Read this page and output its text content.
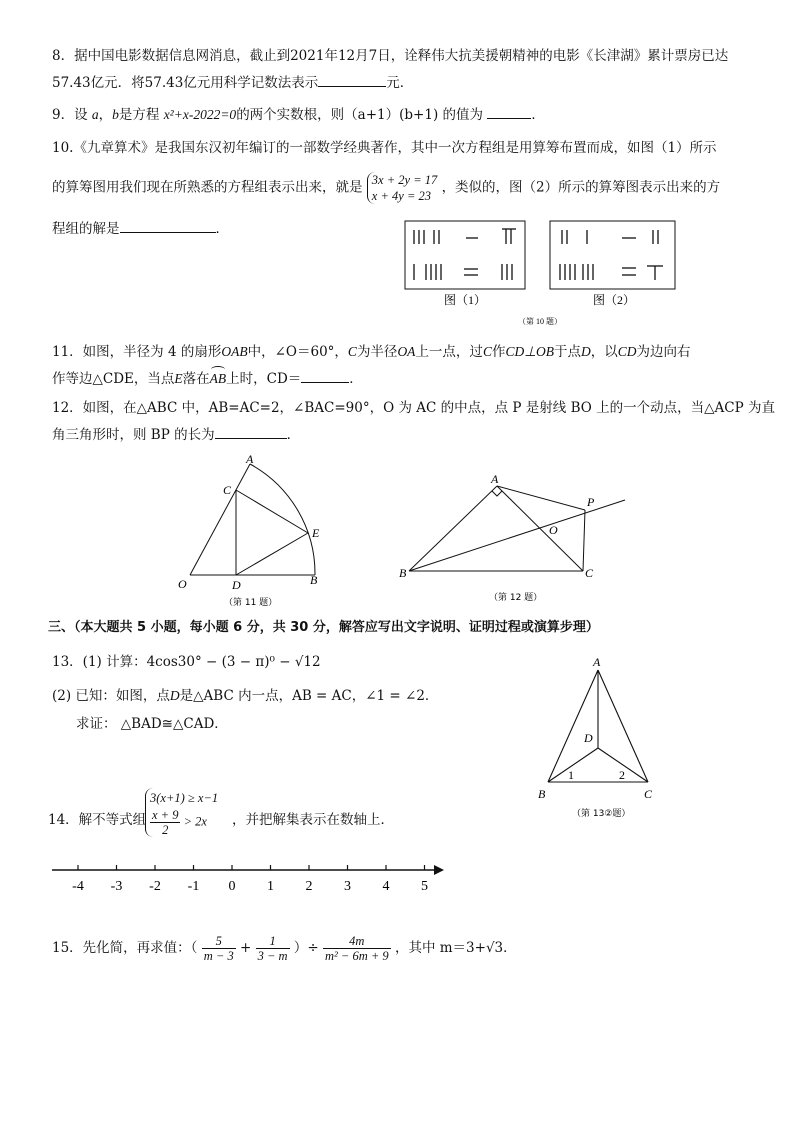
8．据中国电影数据信息网消息，截止到2021年12月7日，诠释伟大抗美援朝精神的电影《长津湖》累计票房已达
57.43亿元．将57.43亿元用科学记数法表示	元．
9．设 a，b是方程 x²+x-2022=0的两个实数根，则（a+1）(b+1) 的值为	．
10.《九章算术》是我国东汉初年编订的一部数学经典著作，其中一次方程组是用算筹布置而成，如图（1）所示
的算筹图用我们现在所熟悉的方程组表示出来，就是 3x + 2y = 17
x + 4y = 23
，类似的，图（2）所示的算筹图表示出来的方
程组的解是	．
图（1）	图（2）
（第 10 题）
11．如图，半径为 4 的扇形OAB中，∠O＝60°，C为半径OA上一点，过C作CD⊥OB于点D，以CD为边向右
作等边△CDE，当点E落在AB上时，CD＝	．
12．如图，在△ABC 中，AB=AC=2，∠BAC=90°，O 为 AC 的中点，点 P 是射线 BO 上的一个动点，当△ACP 为直
角三角形时，则 BP 的长为	．
A
C
E
O	D	B
（第 11 题）
A
B	C
O
P
（第 12 题）
三、（本大题共 5 小题，每小题 6 分，共 30 分，解答应写出文字说明、证明过程或演算步理）
13．(1) 计算：4cos30° − (3 − π)⁰ − √12
(2) 已知：如图，点D是△ABC 内一点，AB = AC，∠1 = ∠2．
求证： △BAD≅△CAD．
A
D
B	C
1	2
（第 13②题）
14．解不等式组
3(x+1) ≥ x−1
$\frac{x + 9}{2} > 2x$	，并把解集表示在数轴上．
-4 -3 -2 -1 0 1 2 3 4 5
15．先化简，再求值：（ $\frac{5}{m - 3} + \frac{1}{3 - m}$ ）÷ $\frac{4m}{\text{m² − 6m + 9}}$ ，其中 m＝3+√3．
